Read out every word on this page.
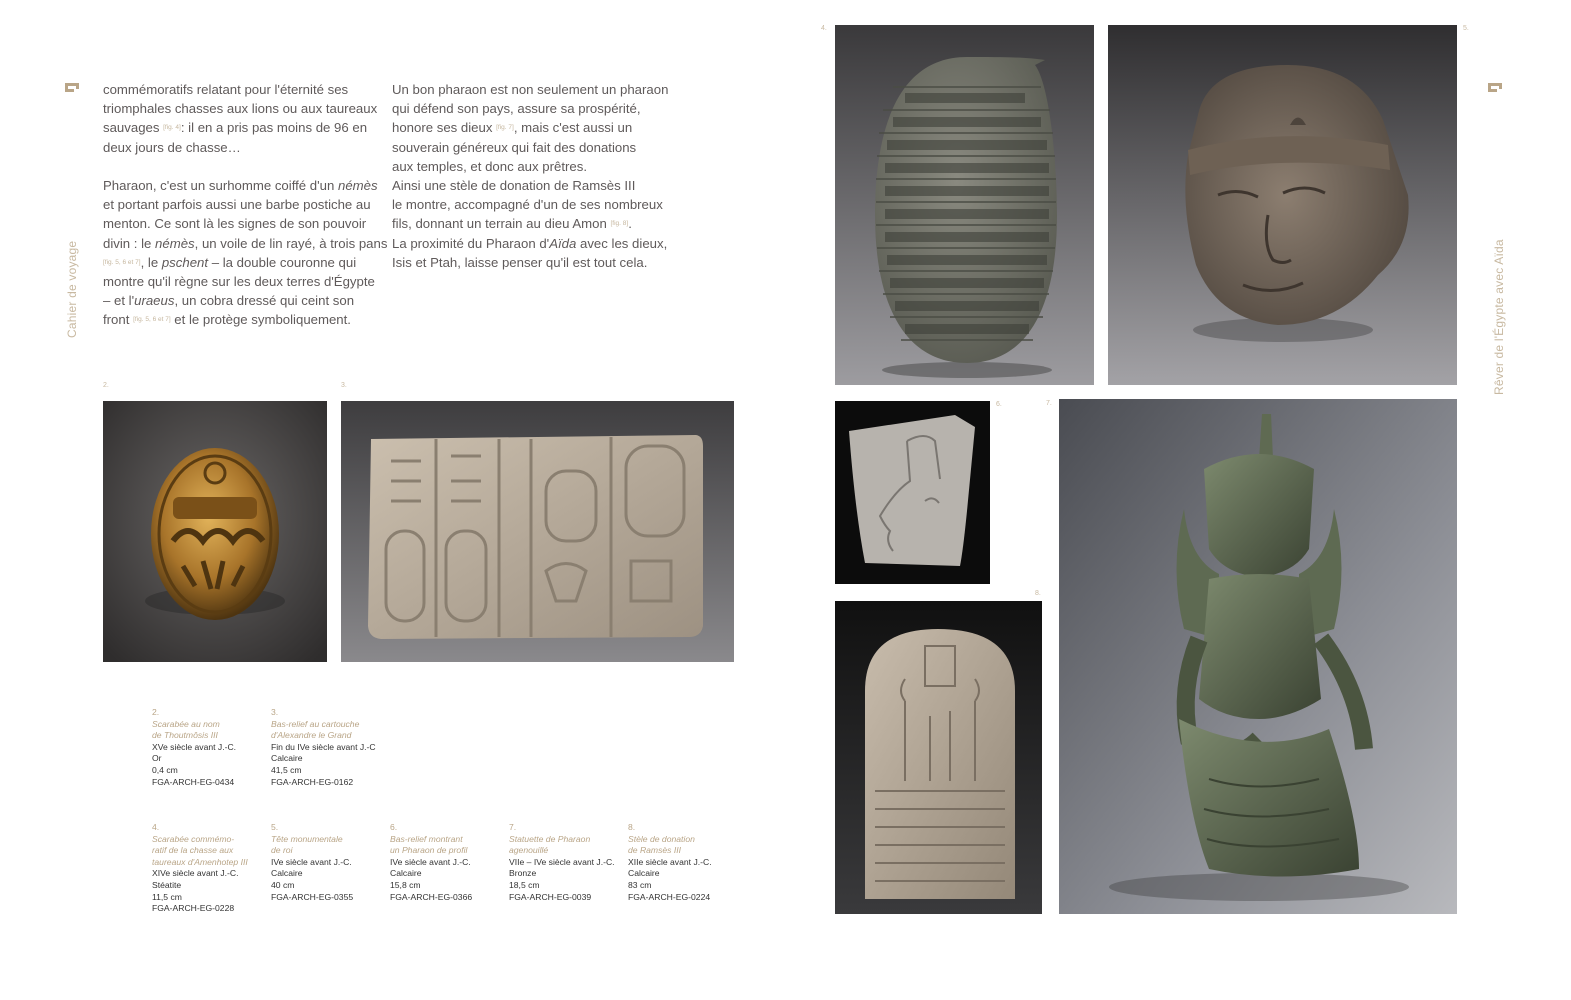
Cahier de voyage	Rêver de l'Égypte avec Aïda

commémoratifs relatant pour l'éternité ses
triomphales chasses aux lions ou aux taureaux
sauvages [fig. 4]: il en a pris pas moins de 96 en
deux jours de chasse…

Pharaon, c'est un surhomme coiffé d'un némès
et portant parfois aussi une barbe postiche au
menton. Ce sont là les signes de son pouvoir
divin : le némès, un voile de lin rayé, à trois pans
[fig. 5, 6 et 7], le pschent – la double couronne qui
montre qu'il règne sur les deux terres d'Égypte
– et l'uraeus, un cobra dressé qui ceint son
front [fig. 5, 6 et 7] et le protège symboliquement.

Un bon pharaon est non seulement un pharaon
qui défend son pays, assure sa prospérité,
honore ses dieux [fig. 7], mais c'est aussi un
souverain généreux qui fait des donations
aux temples, et donc aux prêtres.
Ainsi une stèle de donation de Ramsès III
le montre, accompagné d'un de ses nombreux
fils, donnant un terrain au dieu Amon [fig. 8].
La proximité du Pharaon d'Aïda avec les dieux,
Isis et Ptah, laisse penser qu'il est tout cela.

2.	3.
4.	5.
6.	7.
8.
2.
Scarabée au nom
de Thoutmôsis III
XVe siècle avant J.-C.
Or
0,4 cm
FGA-ARCH-EG-0434
3.
Bas-relief au cartouche
d'Alexandre le Grand
Fin du IVe siècle avant J.-C
Calcaire
41,5 cm
FGA-ARCH-EG-0162
4.
Scarabée commémo-
ratif de la chasse aux
taureaux d'Amenhotep III
XIVe siècle avant J.-C.
Stéatite
11,5 cm
FGA-ARCH-EG-0228
5.
Tête monumentale
de roi
IVe siècle avant J.-C.
Calcaire
40 cm
FGA-ARCH-EG-0355
6.
Bas-relief montrant
un Pharaon de profil
IVe siècle avant J.-C.
Calcaire
15,8 cm
FGA-ARCH-EG-0366
7.
Statuette de Pharaon
agenouillé
VIIe – IVe siècle avant J.-C.
Bronze
18,5 cm
FGA-ARCH-EG-0039
8.
Stèle de donation
de Ramsès III
XIIe siècle avant J.-C.
Calcaire
83 cm
FGA-ARCH-EG-0224
